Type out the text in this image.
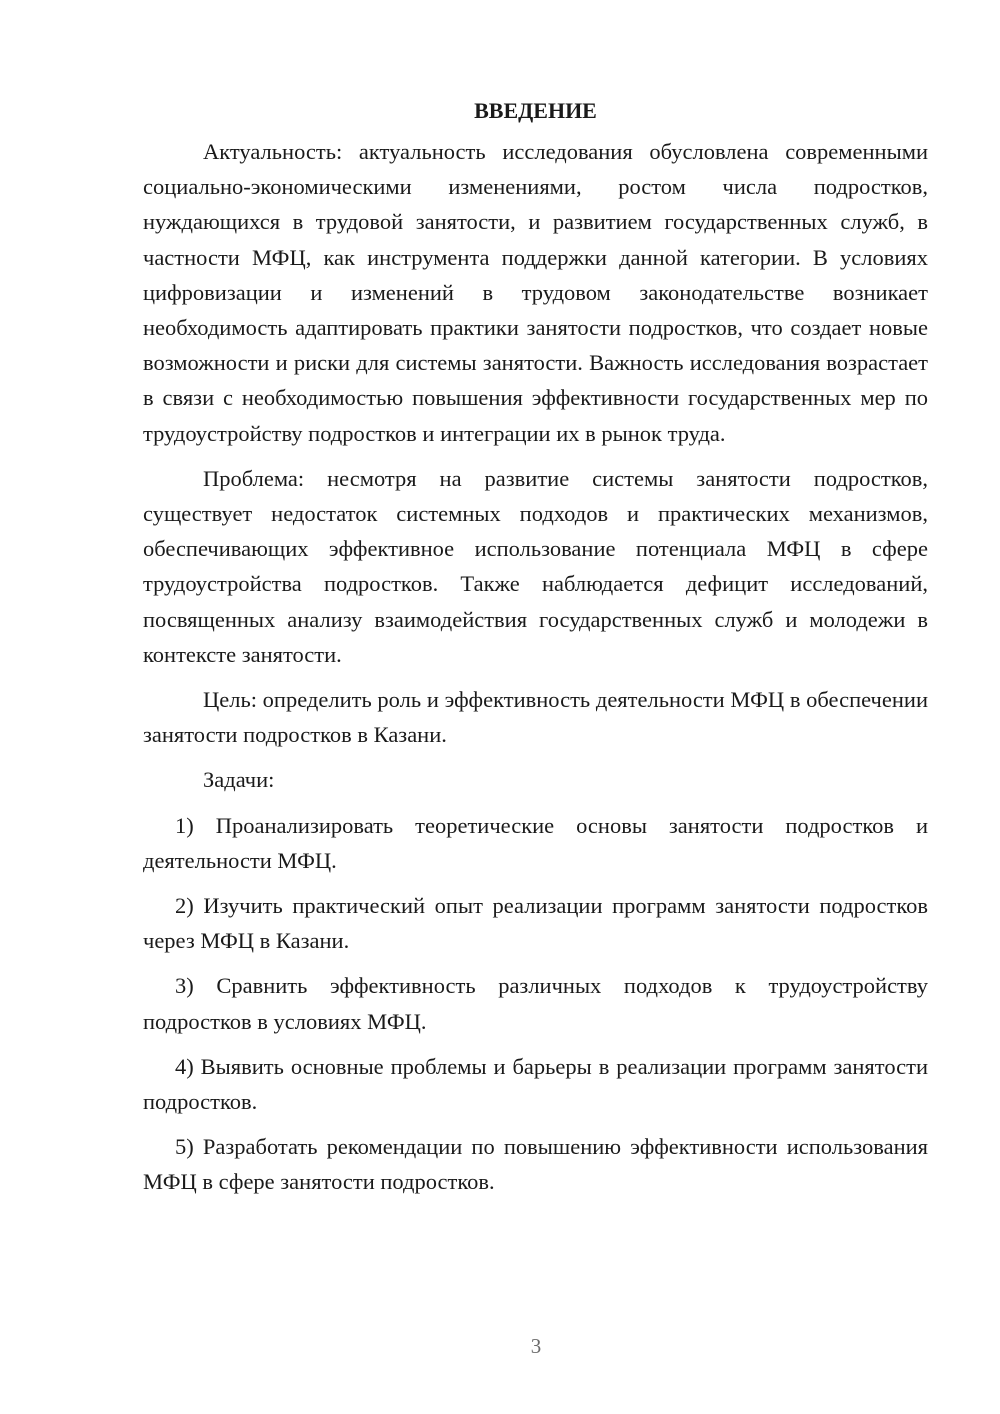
ВВЕДЕНИЕ

Актуальность: актуальность исследования обусловлена современными социально-экономическими изменениями, ростом числа подростков, нуждающихся в трудовой занятости, и развитием государственных служб, в частности МФЦ, как инструмента поддержки данной категории. В условиях цифровизации и изменений в трудовом законодательстве возникает необходимость адаптировать практики занятости подростков, что создает новые возможности и риски для системы занятости. Важность исследования возрастает в связи с необходимостью повышения эффективности государственных мер по трудоустройству подростков и интеграции их в рынок труда.

Проблема: несмотря на развитие системы занятости подростков, существует недостаток системных подходов и практических механизмов, обеспечивающих эффективное использование потенциала МФЦ в сфере трудоустройства подростков. Также наблюдается дефицит исследований, посвященных анализу взаимодействия государственных служб и молодежи в контексте занятости.

Цель: определить роль и эффективность деятельности МФЦ в обеспечении занятости подростков в Казани.

Задачи:

1) Проанализировать теоретические основы занятости подростков и деятельности МФЦ.

2) Изучить практический опыт реализации программ занятости подростков через МФЦ в Казани.

3) Сравнить эффективность различных подходов к трудоустройству подростков в условиях МФЦ.

4) Выявить основные проблемы и барьеры в реализации программ занятости подростков.

5) Разработать рекомендации по повышению эффективности использования МФЦ в сфере занятости подростков.

3
